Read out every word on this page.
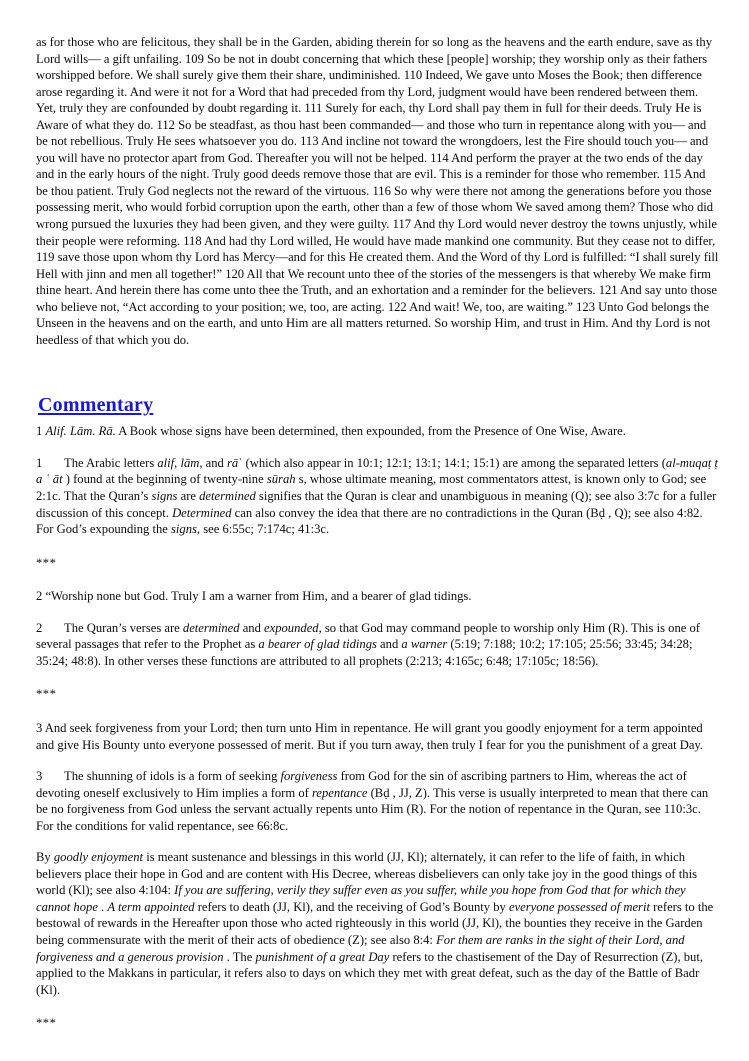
as for those who are felicitous, they shall be in the Garden, abiding therein for so long as the heavens and the earth endure, save as thy Lord wills— a gift unfailing. 109 So be not in doubt concerning that which these [people] worship; they worship only as their fathers worshipped before. We shall surely give them their share, undiminished. 110 Indeed, We gave unto Moses the Book; then difference arose regarding it. And were it not for a Word that had preceded from thy Lord, judgment would have been rendered between them. Yet, truly they are confounded by doubt regarding it. 111 Surely for each, thy Lord shall pay them in full for their deeds. Truly He is Aware of what they do. 112 So be steadfast, as thou hast been commanded— and those who turn in repentance along with you— and be not rebellious. Truly He sees whatsoever you do. 113 And incline not toward the wrongdoers, lest the Fire should touch you— and you will have no protector apart from God. Thereafter you will not be helped. 114 And perform the prayer at the two ends of the day and in the early hours of the night. Truly good deeds remove those that are evil. This is a reminder for those who remember. 115 And be thou patient. Truly God neglects not the reward of the virtuous. 116 So why were there not among the generations before you those possessing merit, who would forbid corruption upon the earth, other than a few of those whom We saved among them? Those who did wrong pursued the luxuries they had been given, and they were guilty. 117 And thy Lord would never destroy the towns unjustly, while their people were reforming. 118 And had thy Lord willed, He would have made mankind one community. But they cease not to differ, 119 save those upon whom thy Lord has Mercy—and for this He created them. And the Word of thy Lord is fulfilled: “I shall surely fill Hell with jinn and men all together!” 120 All that We recount unto thee of the stories of the messengers is that whereby We make firm thine heart. And herein there has come unto thee the Truth, and an exhortation and a reminder for the believers. 121 And say unto those who believe not, “Act according to your position; we, too, are acting. 122 And wait! We, too, are waiting.” 123 Unto God belongs the Unseen in the heavens and on the earth, and unto Him are all matters returned. So worship Him, and trust in Him. And thy Lord is not heedless of that which you do.

Commentary

1 Alif. Lām. Rā. A Book whose signs have been determined, then expounded, from the Presence of One Wise, Aware.

1 The Arabic letters alif, lām, and rāʾ (which also appear in 10:1; 12:1; 13:1; 14:1; 15:1) are among the separated letters (al-muqaṭ ṭ a ʿ āt ) found at the beginning of twenty-nine sūrah s, whose ultimate meaning, most commentators attest, is known only to God; see 2:1c. That the Quran’s signs are determined signifies that the Quran is clear and unambiguous in meaning (Q); see also 3:7c for a fuller discussion of this concept. Determined can also convey the idea that there are no contradictions in the Quran (Bḍ , Q); see also 4:82. For God’s expounding the signs, see 6:55c; 7:174c; 41:3c.

***

2 “Worship none but God. Truly I am a warner from Him, and a bearer of glad tidings.

2 The Quran’s verses are determined and expounded, so that God may command people to worship only Him (R). This is one of several passages that refer to the Prophet as a bearer of glad tidings and a warner (5:19; 7:188; 10:2; 17:105; 25:56; 33:45; 34:28; 35:24; 48:8). In other verses these functions are attributed to all prophets (2:213; 4:165c; 6:48; 17:105c; 18:56).

***

3 And seek forgiveness from your Lord; then turn unto Him in repentance. He will grant you goodly enjoyment for a term appointed and give His Bounty unto everyone possessed of merit. But if you turn away, then truly I fear for you the punishment of a great Day.

3 The shunning of idols is a form of seeking forgiveness from God for the sin of ascribing partners to Him, whereas the act of devoting oneself exclusively to Him implies a form of repentance (Bḍ , JJ, Z). This verse is usually interpreted to mean that there can be no forgiveness from God unless the servant actually repents unto Him (R). For the notion of repentance in the Quran, see 110:3c. For the conditions for valid repentance, see 66:8c.

By goodly enjoyment is meant sustenance and blessings in this world (JJ, Kl); alternately, it can refer to the life of faith, in which believers place their hope in God and are content with His Decree, whereas disbelievers can only take joy in the good things of this world (Kl); see also 4:104: If you are suffering, verily they suffer even as you suffer, while you hope from God that for which they cannot hope . A term appointed refers to death (JJ, Kl), and the receiving of God’s Bounty by everyone possessed of merit refers to the bestowal of rewards in the Hereafter upon those who acted righteously in this world (JJ, Kl), the bounties they receive in the Garden being commensurate with the merit of their acts of obedience (Z); see also 8:4: For them are ranks in the sight of their Lord, and forgiveness and a generous provision . The punishment of a great Day refers to the chastisement of the Day of Resurrection (Z), but, applied to the Makkans in particular, it refers also to days on which they met with great defeat, such as the day of the Battle of Badr (Kl).

***
